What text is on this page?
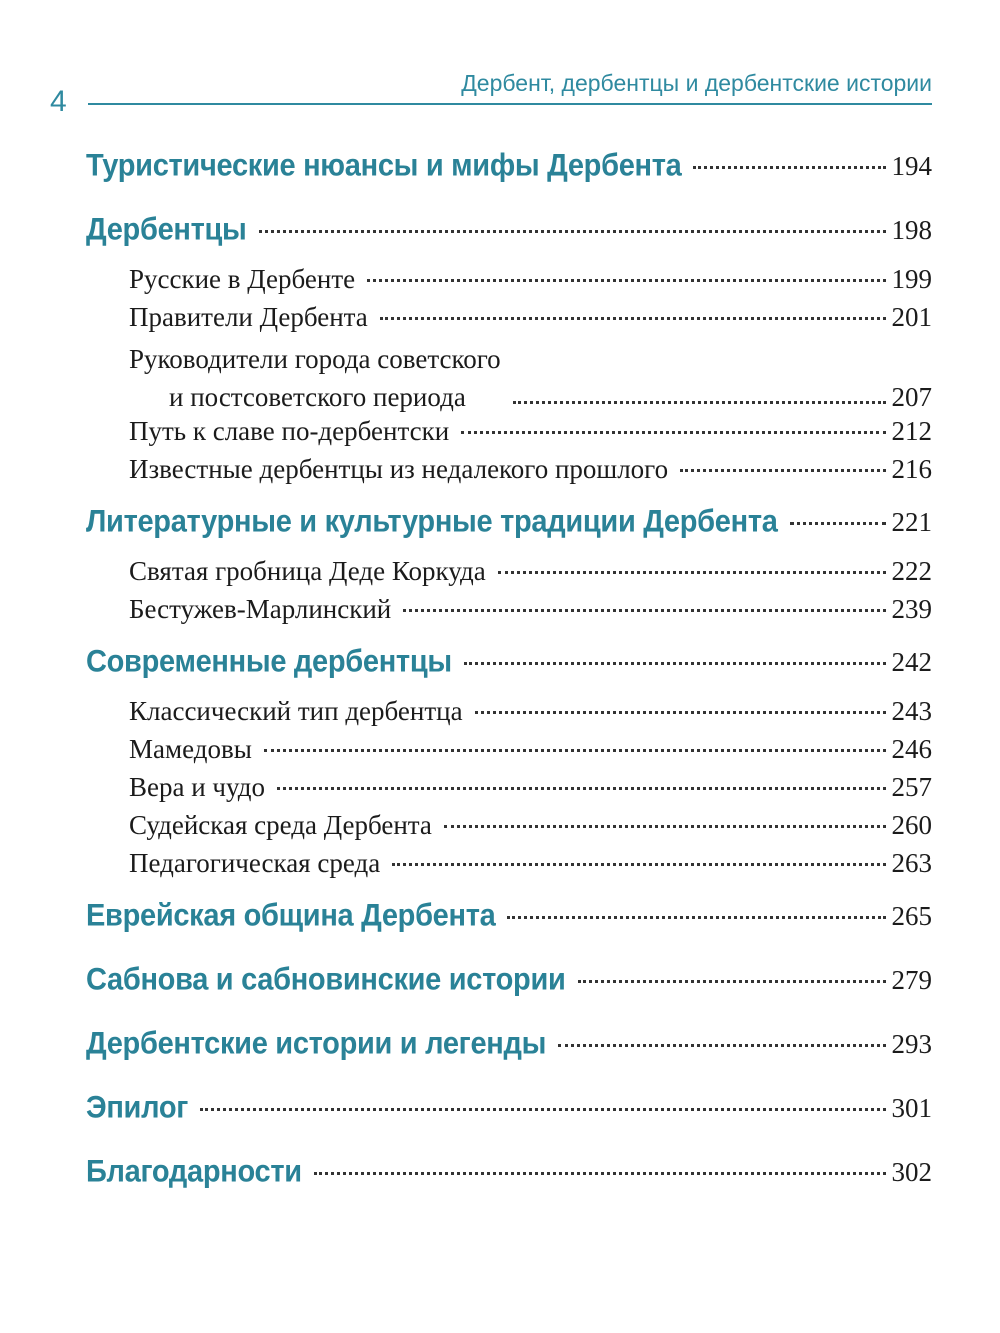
4
Дербент, дербентцы и дербентские истории
Туристические нюансы и мифы Дербента	194
Дербентцы	198
Русские в Дербенте	199
Правители Дербента	201
Руководители города советского
и постсоветского периода	207
Путь к славе по-дербентски	212
Известные дербентцы из недалекого прошлого	216
Литературные и культурные традиции Дербента	221
Святая гробница Деде Коркуда	222
Бестужев-Марлинский	239
Современные дербентцы	242
Классический тип дербентца	243
Мамедовы	246
Вера и чудо	257
Судейская среда Дербента	260
Педагогическая среда	263
Еврейская община Дербента	265
Сабнова и сабновинские истории	279
Дербентские истории и легенды	293
Эпилог	301
Благодарности	302
